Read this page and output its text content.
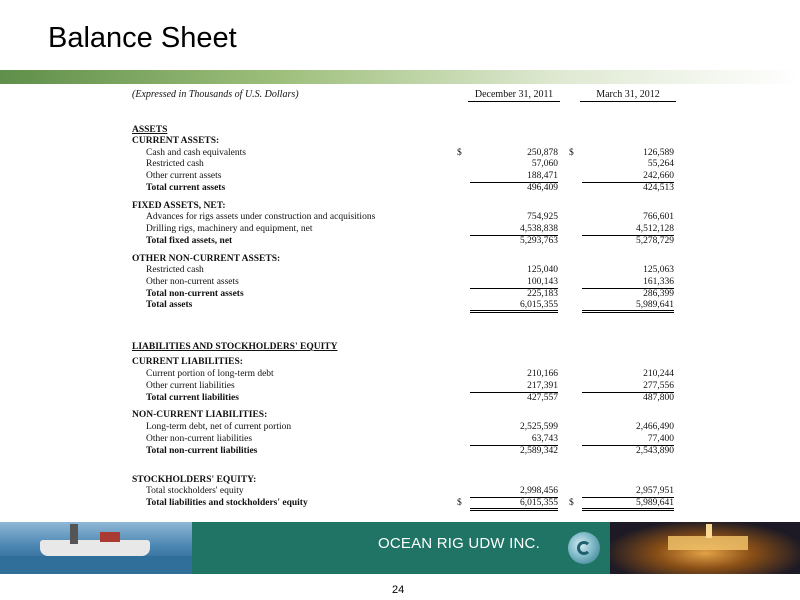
Balance Sheet
(Expressed in Thousands of U.S. Dollars)	December 31, 2011	March 31, 2012
ASSETS
CURRENT ASSETS:
Cash and cash equivalents	$	250,878 $	126,589
Restricted cash	57,060	55,264
Other current assets	188,471	242,660
Total current assets	496,409	424,513
FIXED ASSETS, NET:
Advances for rigs assets under construction and acquisitions	754,925	766,601
Drilling rigs, machinery and equipment, net	4,538,838	4,512,128
Total fixed assets, net	5,293,763	5,278,729
OTHER NON-CURRENT ASSETS:
Restricted cash	125,040	125,063
Other non-current assets	100,143	161,336
Total non-current assets	225,183	286,399
Total assets	6,015,355	5,989,641
LIABILITIES AND STOCKHOLDERS' EQUITY
CURRENT LIABILITIES:
Current portion of long-term debt	210,166	210,244
Other current liabilities	217,391	277,556
Total current liabilities	427,557	487,800
NON-CURRENT LIABILITIES:
Long-term debt, net of current portion	2,525,599	2,466,490
Other non-current liabilities	63,743	77,400
Total non-current liabilities	2,589,342	2,543,890
STOCKHOLDERS' EQUITY:
Total stockholders' equity	2,998,456	2,957,951
Total liabilities and stockholders' equity	$	6,015,355 $	5,989,641
OCEAN RIG UDW INC.
24
